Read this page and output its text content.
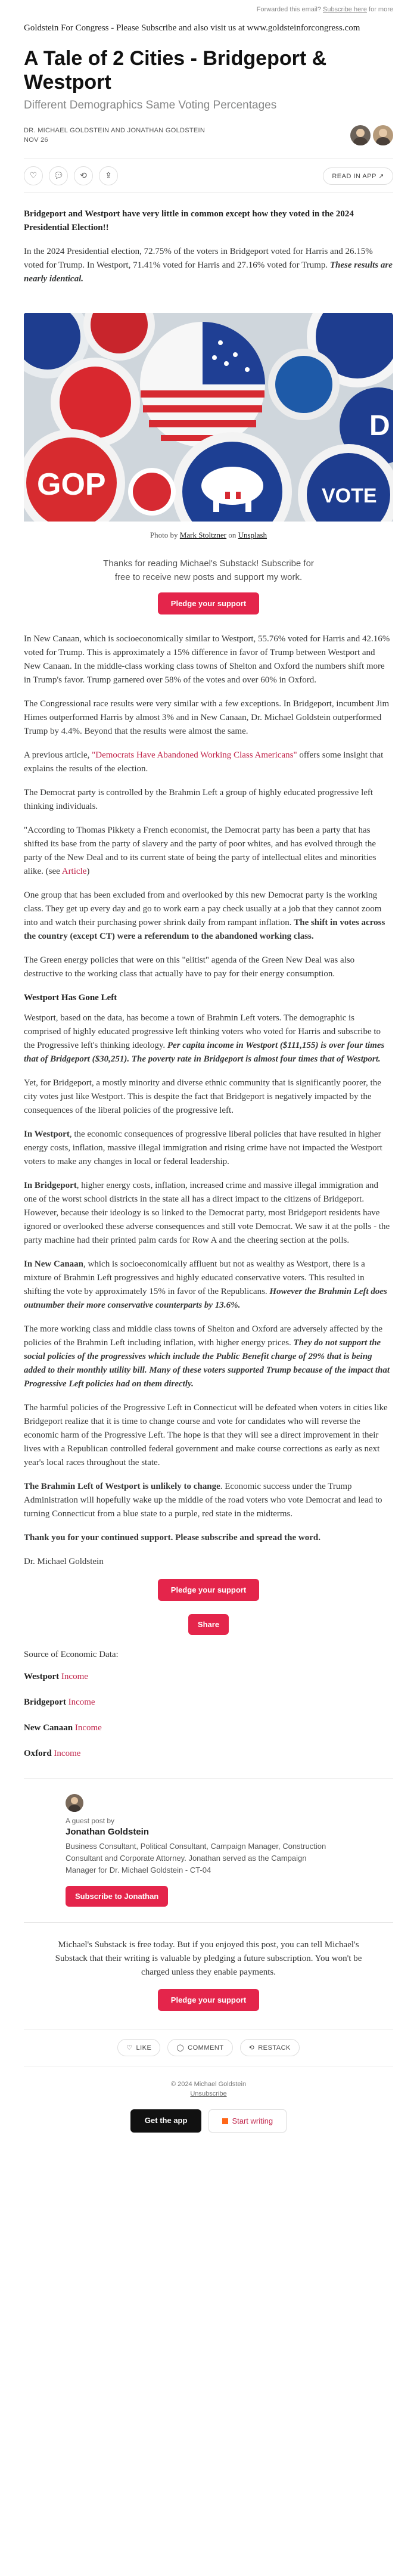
Forwarded this email? Subscribe here for more
Goldstein For Congress - Please Subscribe and also visit us at www.goldsteinforcongress.com
A Tale of 2 Cities - Bridgeport & Westport
Different Demographics Same Voting Percentages
DR. MICHAEL GOLDSTEIN AND JONATHAN GOLDSTEIN
NOV 26
♡	💬︎	⟲	⇪	READ IN APP ↗

Bridgeport and Westport have very little in common except how they voted in the 2024 Presidential Election!!

In the 2024 Presidential election, 72.75% of the voters in Bridgeport voted for Harris and 26.15% voted for Trump. In Westport, 71.41% voted for Harris and 27.16% voted for Trump. These results are nearly identical.

D
GOP	VOTE
Photo by Mark Stoltzner on Unsplash
Thanks for reading Michael's Substack! Subscribe for free to receive new posts and support my work.
Pledge your support

In New Canaan, which is socioeconomically similar to Westport, 55.76% voted for Harris and 42.16% voted for Trump. This is approximately a 15% difference in favor of Trump between Westport and New Canaan. In the middle-class working class towns of Shelton and Oxford the numbers shift more in Trump's favor. Trump garnered over 58% of the votes and over 60% in Oxford.

The Congressional race results were very similar with a few exceptions. In Bridgeport, incumbent Jim Himes outperformed Harris by almost 3% and in New Canaan, Dr. Michael Goldstein outperformed Trump by 4.4%. Beyond that the results were almost the same.

A previous article, "Democrats Have Abandoned Working Class Americans" offers some insight that explains the results of the election.

The Democrat party is controlled by the Brahmin Left a group of highly educated progressive left thinking individuals.

"According to Thomas Pikkety a French economist, the Democrat party has been a party that has shifted its base from the party of slavery and the party of poor whites, and has evolved through the party of the New Deal and to its current state of being the party of intellectual elites and minorities alike. (see Article)

One group that has been excluded from and overlooked by this new Democrat party is the working class. They get up every day and go to work earn a pay check usually at a job that they cannot zoom into and watch their purchasing power shrink daily from rampant inflation. The shift in votes across the country (except CT) were a referendum to the abandoned working class.

The Green energy policies that were on this "elitist" agenda of the Green New Deal was also destructive to the working class that actually have to pay for their energy consumption.

Westport Has Gone Left

Westport, based on the data, has become a town of Brahmin Left voters. The demographic is comprised of highly educated progressive left thinking voters who voted for Harris and subscribe to the Progressive left's thinking ideology. Per capita income in Westport ($111,155) is over four times that of Bridgeport ($30,251). The poverty rate in Bridgeport is almost four times that of Westport.

Yet, for Bridgeport, a mostly minority and diverse ethnic community that is significantly poorer, the city votes just like Westport. This is despite the fact that Bridgeport is negatively impacted by the consequences of the liberal policies of the progressive left.

In Westport, the economic consequences of progressive liberal policies that have resulted in higher energy costs, inflation, massive illegal immigration and rising crime have not impacted the Westport voters to make any changes in local or federal leadership.

In Bridgeport, higher energy costs, inflation, increased crime and massive illegal immigration and one of the worst school districts in the state all has a direct impact to the citizens of Bridgeport. However, because their ideology is so linked to the Democrat party, most Bridgeport residents have ignored or overlooked these adverse consequences and still vote Democrat. We saw it at the polls - the party machine had their printed palm cards for Row A and the cheering section at the polls.

In New Canaan, which is socioeconomically affluent but not as wealthy as Westport, there is a mixture of Brahmin Left progressives and highly educated conservative voters. This resulted in shifting the vote by approximately 15% in favor of the Republicans. However the Brahmin Left does outnumber their more conservative counterparts by 13.6%.

The more working class and middle class towns of Shelton and Oxford are adversely affected by the policies of the Brahmin Left including inflation, with higher energy prices. They do not support the social policies of the progressives which include the Public Benefit charge of 29% that is being added to their monthly utility bill. Many of these voters supported Trump because of the impact that Progressive Left policies had on them directly.

The harmful policies of the Progressive Left in Connecticut will be defeated when voters in cities like Bridgeport realize that it is time to change course and vote for candidates who will reverse the economic harm of the Progressive Left. The hope is that they will see a direct improvement in their lives with a Republican controlled federal government and make course corrections as early as next year's local races throughout the state.

The Brahmin Left of Westport is unlikely to change. Economic success under the Trump Administration will hopefully wake up the middle of the road voters who vote Democrat and lead to turning Connecticut from a blue state to a purple, red state in the midterms.

Thank you for your continued support. Please subscribe and spread the word.

Dr. Michael Goldstein

Pledge your support
Share

Source of Economic Data:

Westport Income
Bridgeport Income
New Canaan Income
Oxford Income
A guest post by
Jonathan Goldstein
Business Consultant, Political Consultant, Campaign Manager, Construction Consultant and Corporate Attorney. Jonathan served as the Campaign Manager for Dr. Michael Goldstein - CT-04
Subscribe to Jonathan
Michael's Substack is free today. But if you enjoyed this post, you can tell Michael's Substack that their writing is valuable by pledging a future subscription. You won't be charged unless they enable payments.
Pledge your support
♡ LIKE	◯ COMMENT	⟲ RESTACK
© 2024 Michael Goldstein
Unsubscribe
Get the app	Start writing
